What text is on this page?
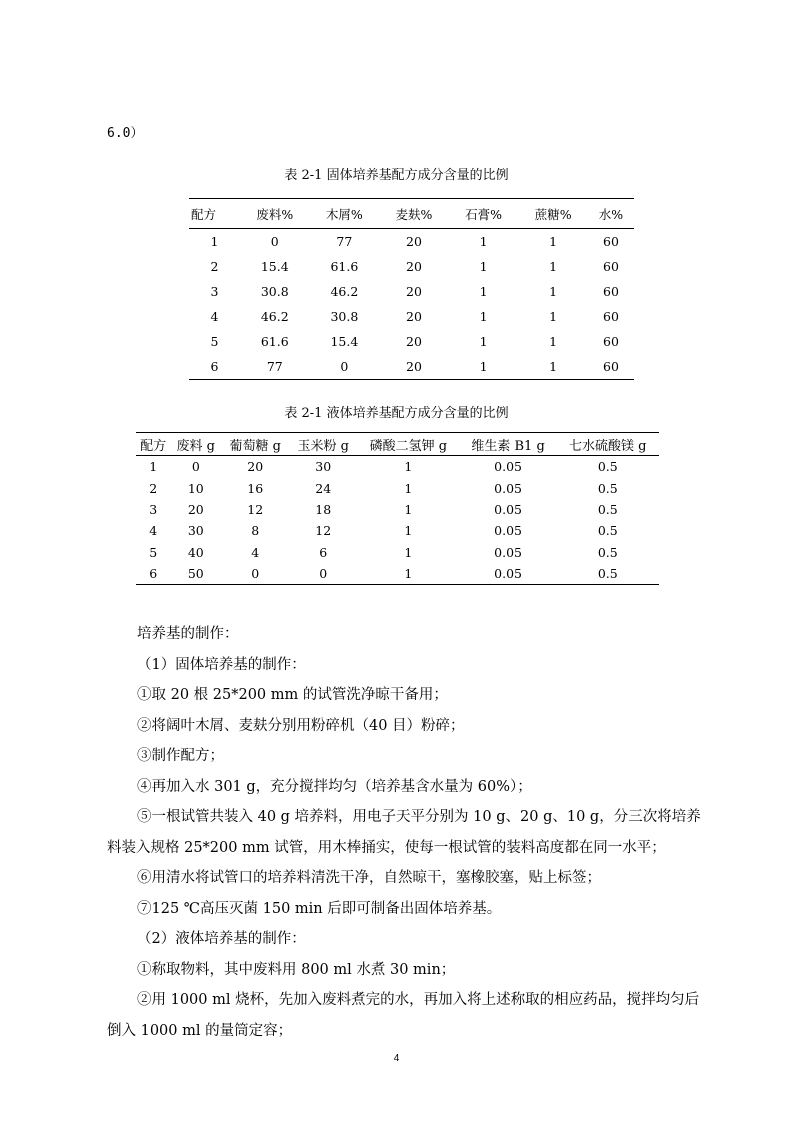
6.0）
表 2-1 固体培养基配方成分含量的比例
配方	废料%	木屑%	麦麸%	石膏%	蔗糖%	水%
1	0	77	20	1	1	60
2	15.4	61.6	20	1	1	60
3	30.8	46.2	20	1	1	60
4	46.2	30.8	20	1	1	60
5	61.6	15.4	20	1	1	60
6	77	0	20	1	1	60
表 2-1 液体培养基配方成分含量的比例
配方	废料 g	葡萄糖 g	玉米粉 g	磷酸二氢钾 g	维生素 B1 g	七水硫酸镁 g
1	0	20	30	1	0.05	0.5
2	10	16	24	1	0.05	0.5
3	20	12	18	1	0.05	0.5
4	30	8	12	1	0.05	0.5
5	40	4	6	1	0.05	0.5
6	50	0	0	1	0.05	0.5

培养基的制作：

（1）固体培养基的制作：

①取 20 根 25*200 mm 的试管洗净晾干备用；

②将阔叶木屑、麦麸分别用粉碎机（40 目）粉碎；

③制作配方；

④再加入水 301 g，充分搅拌均匀（培养基含水量为 60%）；

⑤一根试管共装入 40 g 培养料，用电子天平分别为 10 g、20 g、10 g，分三次将培养料装入规格 25*200 mm 试管，用木棒捅实，使每一根试管的装料高度都在同一水平；

⑥用清水将试管口的培养料清洗干净，自然晾干，塞橡胶塞，贴上标签；

⑦125 ℃高压灭菌 150 min 后即可制备出固体培养基。

（2）液体培养基的制作：

①称取物料，其中废料用 800 ml 水煮 30 min；

②用 1000 ml 烧杯，先加入废料煮完的水，再加入将上述称取的相应药品，搅拌均匀后倒入 1000 ml 的量筒定容；

4
